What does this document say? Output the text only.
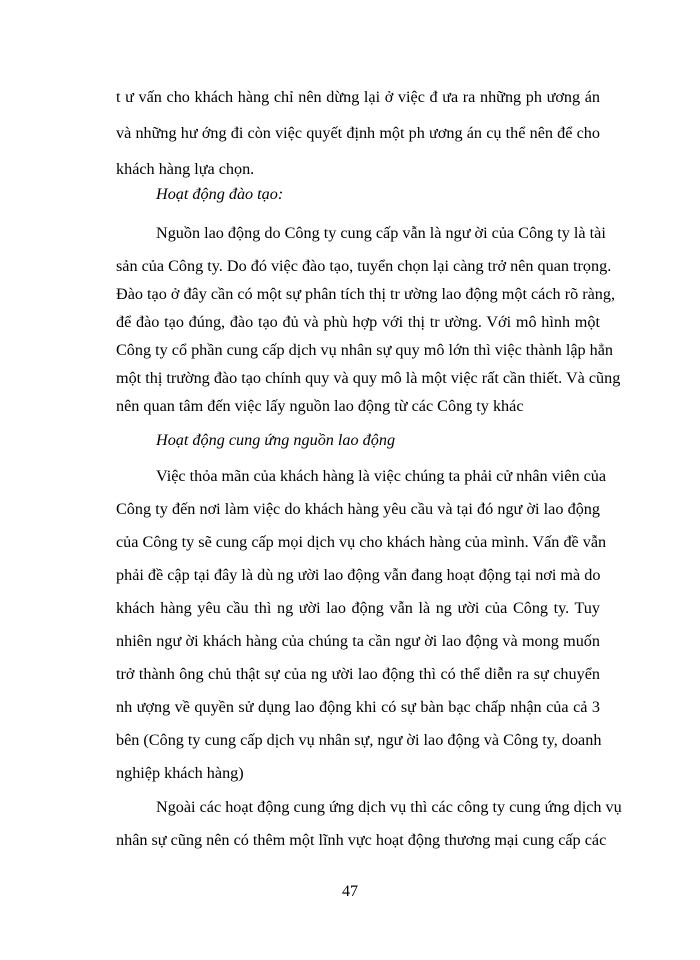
t ư vấn cho khách hàng chỉ nên dừng lại ở việc đ ưa ra những ph ương án
và những hư ớng đi còn việc quyết định một ph ương án cụ thể nên để cho
khách hàng lựa chọn.
Hoạt động đào tạo:
Nguồn lao động do Công ty cung cấp vẫn là ngư ời của Công ty là tài
sản của Công ty. Do đó việc đào tạo, tuyển chọn lại càng trở nên quan trọng.
Đào tạo ở đây cần có một sự phân tích thị tr ường lao động một cách rõ ràng,
để đào tạo đúng, đào tạo đủ và phù hợp với thị tr ường. Với mô hình một
Công ty cổ phần cung cấp dịch vụ nhân sự quy mô lớn thì việc thành lập hẳn
một thị trường đào tạo chính quy và quy mô là một việc rất cần thiết. Và cũng
nên quan tâm đến việc lấy nguồn lao động từ các Công ty khác
Hoạt động cung ứng nguồn lao động
Việc thỏa mãn của khách hàng là việc chúng ta phải cử nhân viên của
Công ty đến nơi làm việc do khách hàng yêu cầu và tại đó ngư ời lao động
của Công ty sẽ cung cấp mọi dịch vụ cho khách hàng của mình. Vấn đề vẫn
phải đề cập tại đây là dù ng ười lao động vẫn đang hoạt động tại nơi mà do
khách hàng yêu cầu thì ng ười lao động vẫn là ng ười của Công ty. Tuy
nhiên ngư ời khách hàng của chúng ta cần ngư ời lao động và mong muốn
trở thành ông chủ thật sự của ng ười lao động thì có thể diễn ra sự chuyển
nh ượng về quyền sử dụng lao động khi có sự bàn bạc chấp nhận của cả 3
bên (Công ty cung cấp dịch vụ nhân sự, ngư ời lao động và Công ty, doanh
nghiệp khách hàng)
Ngoài các hoạt động cung ứng dịch vụ thì các công ty cung ứng dịch vụ
nhân sự cũng nên có thêm một lĩnh vực hoạt động thương mại cung cấp các
47
